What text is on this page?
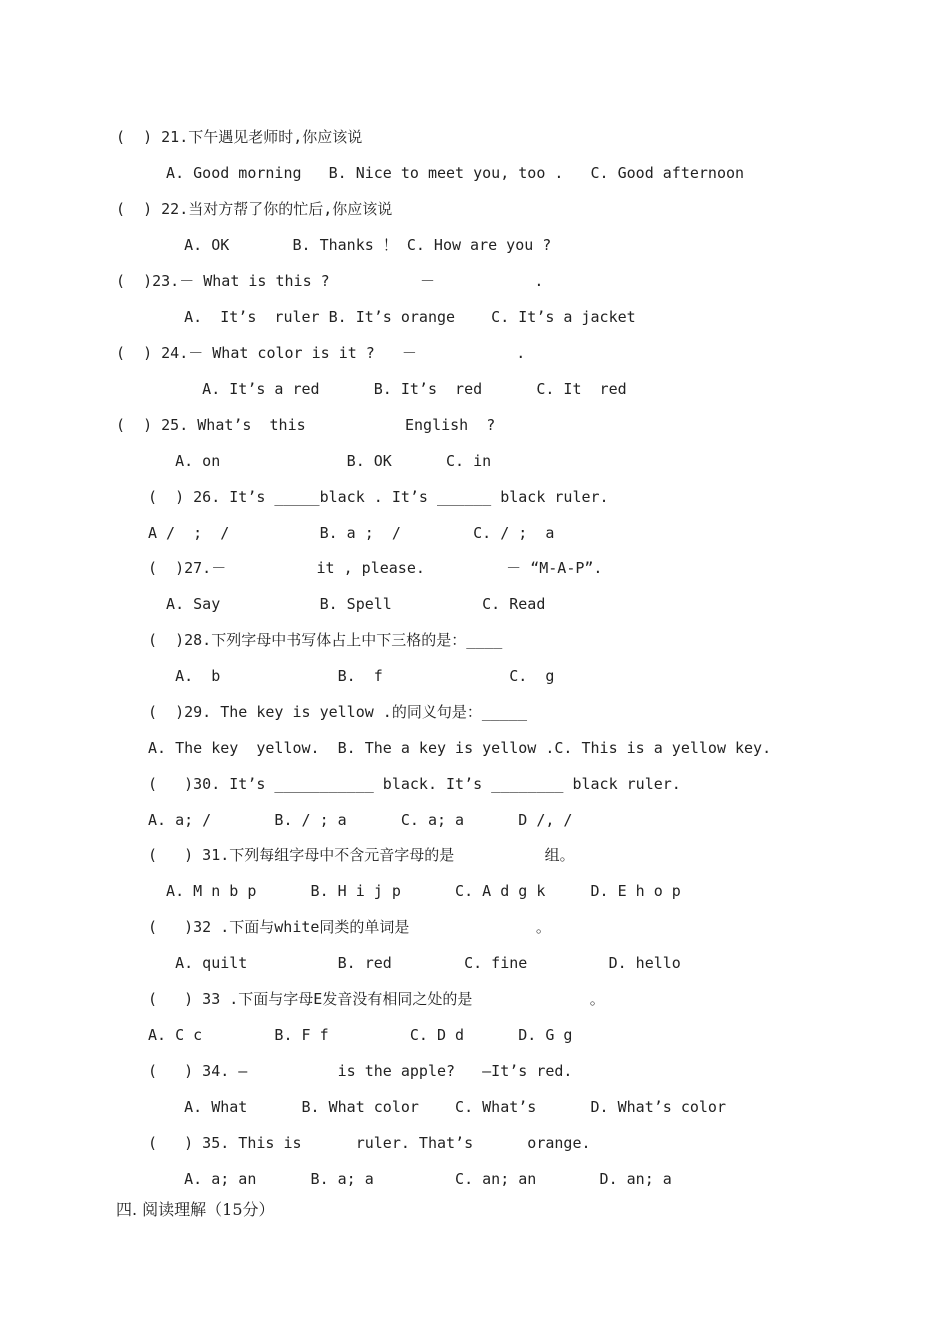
(  ) 21.下午遇见老师时,你应该说
A. Good morning   B. Nice to meet you, too .   C. Good afternoon
(  ) 22.当对方帮了你的忙后,你应该说
A. OK       B. Thanks ！ C. How are you ?
(  )23.－ What is this ?          －           .
A.  It’s  ruler B. It’s orange    C. It’s a jacket
(  ) 24.－ What color is it ?   －           .
A. It’s a red      B. It’s  red      C. It  red
(  ) 25. What’s  this           English  ?
A. on              B. OK      C. in
(  ) 26. It’s _____black . It’s ______ black ruler.
A /  ;  /          B. a ;  /        C. / ;  a
(  )27.－          it , please.         － “M-A-P”.
A. Say           B. Spell          C. Read
(  )28.下列字母中书写体占上中下三格的是：____
A.  b             B.  f              C.  g
(  )29. The key is yellow .的同义句是：_____
A. The key  yellow.  B. The a key is yellow .C. This is a yellow key.
(   )30. It’s ___________ black. It’s ________ black ruler.
A. a; /       B. / ; a      C. a; a      D /, /
(   ) 31.下列每组字母中不含元音字母的是          组。
A. M n b p      B. H i j p      C. A d g k     D. E h o p
(   )32 .下面与white同类的单词是              。
A. quilt          B. red        C. fine         D. hello
(   ) 33 .下面与字母E发音没有相同之处的是             。
A. C c        B. F f         C. D d      D. G g
(   ) 34. —          is the apple?   —It’s red.
A. What      B. What color    C. What’s      D. What’s color
(   ) 35. This is      ruler. That’s      orange.
A. a; an      B. a; a         C. an; an       D. an; a
四. 阅读理解（15分）
